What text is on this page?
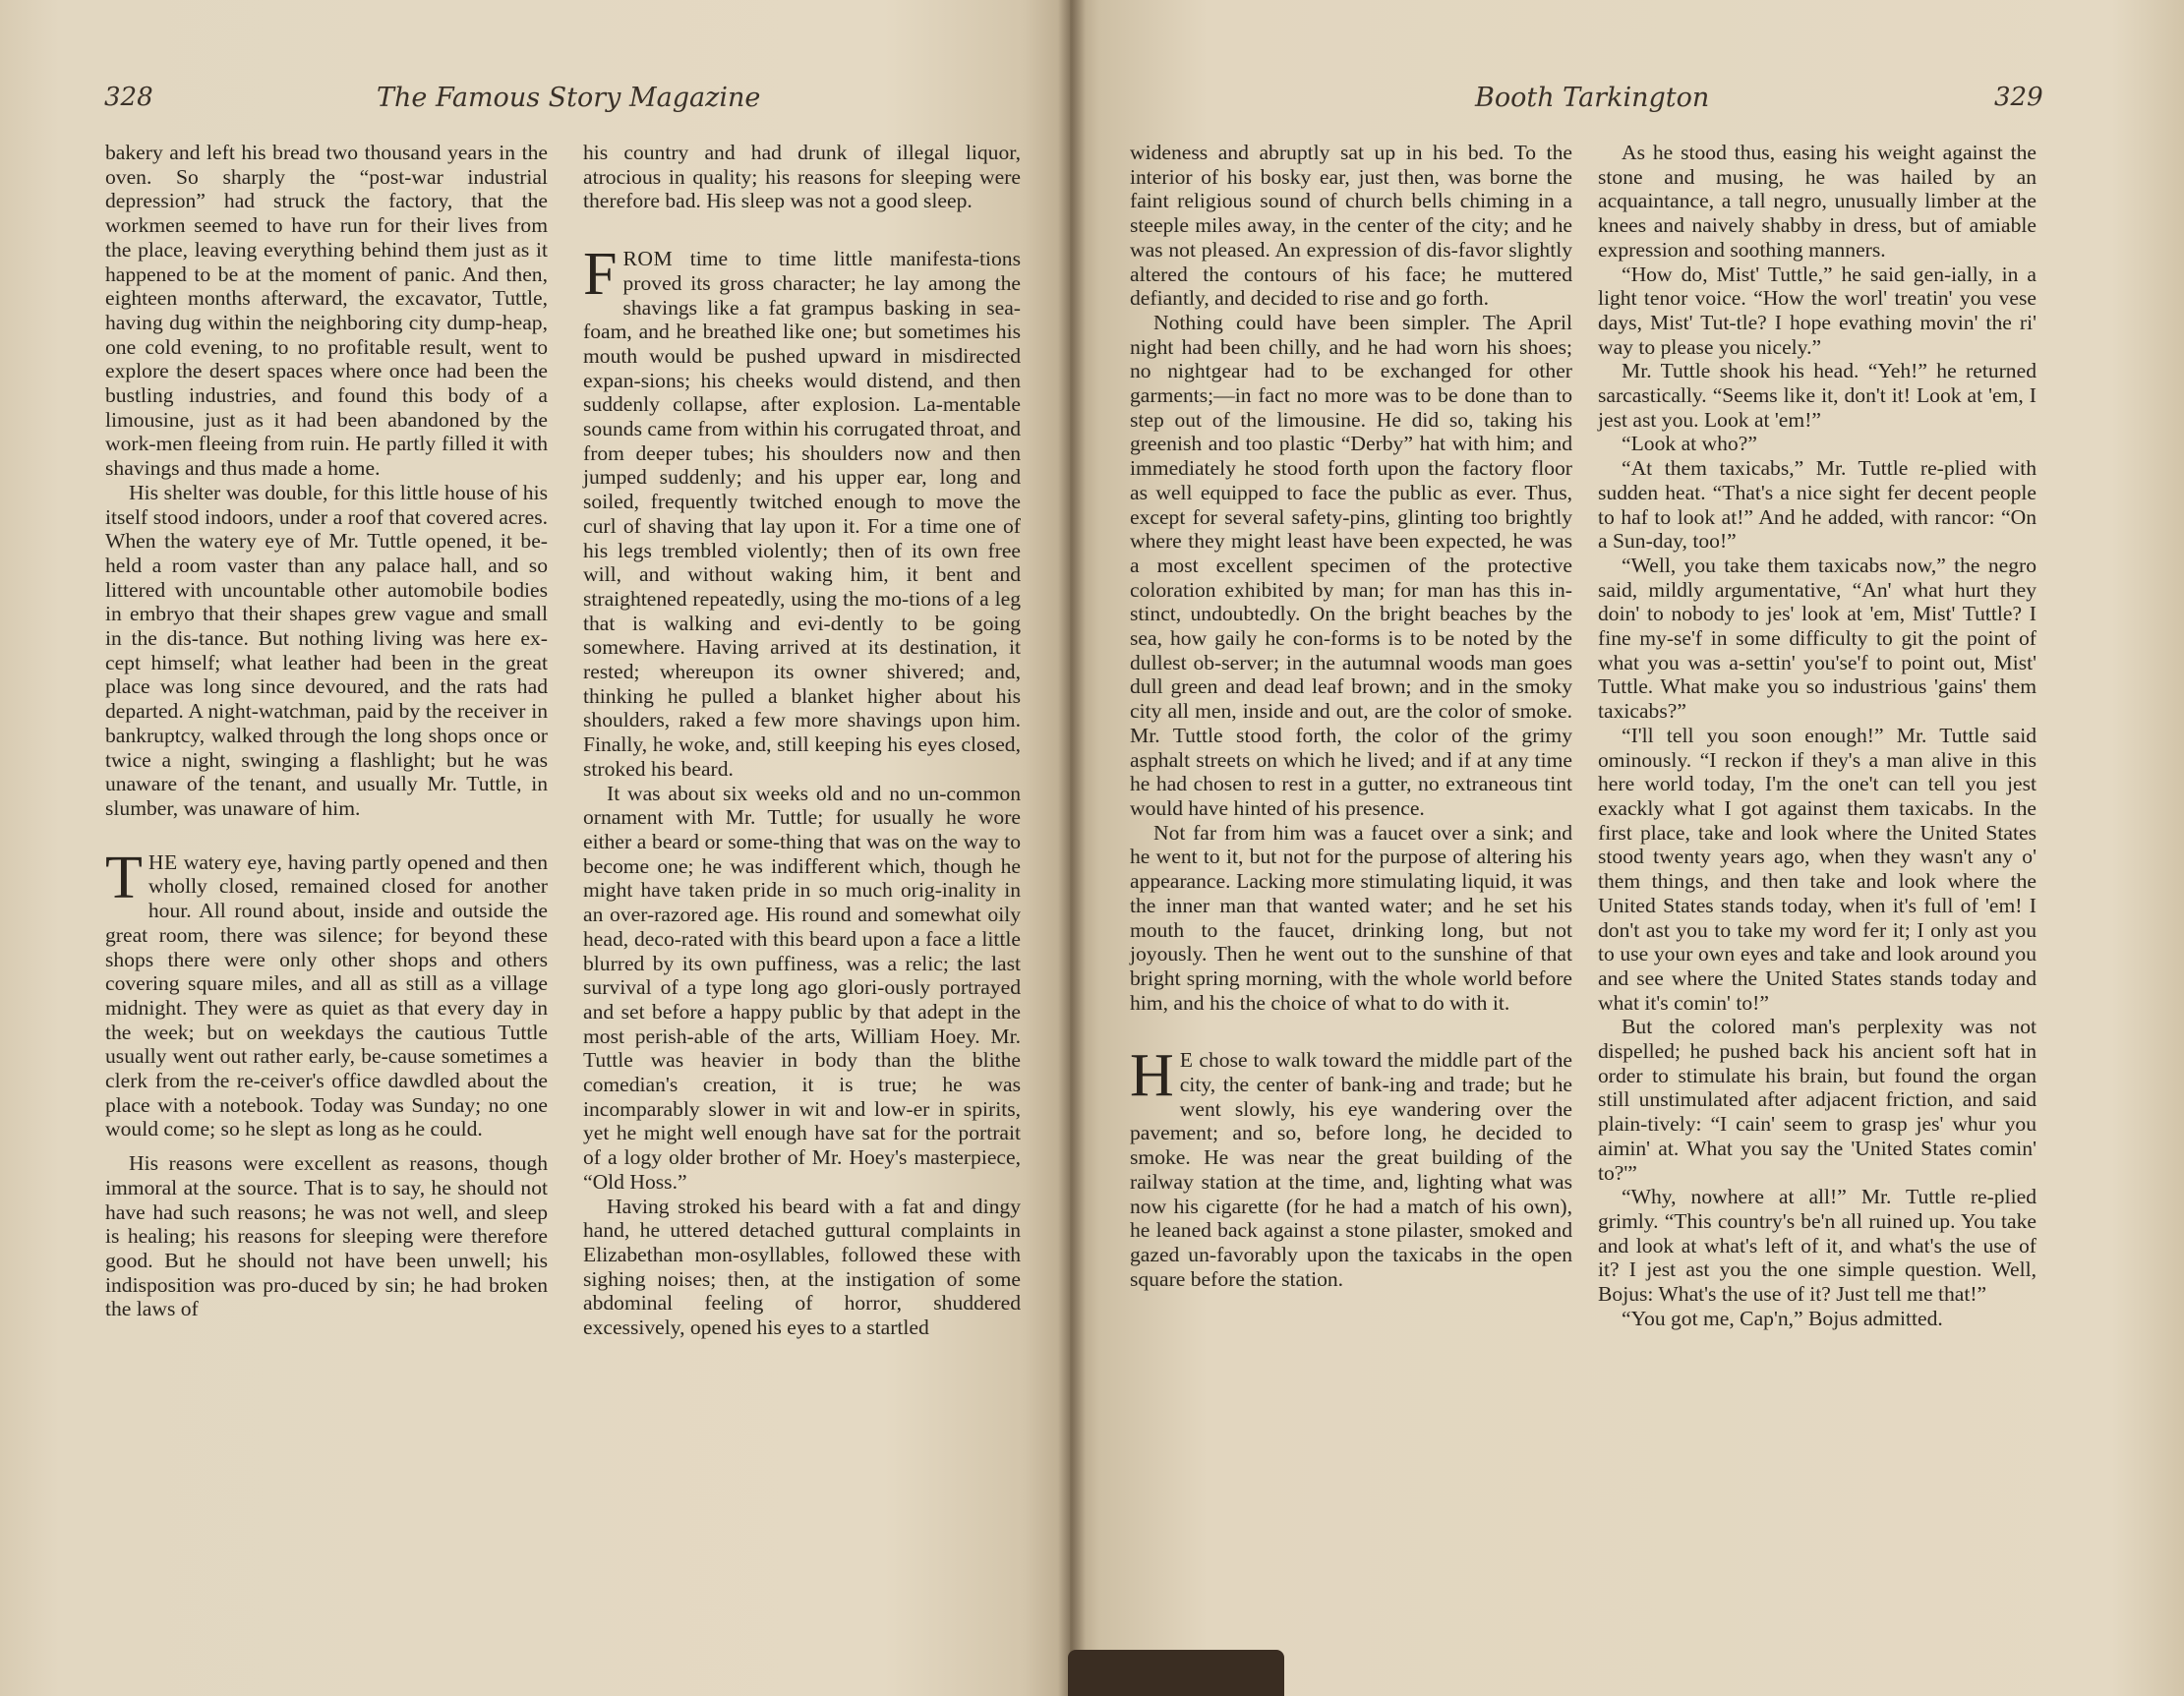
328	The Famous Story Magazine

bakery and left his bread two thousand years in the oven. So sharply the “post-war industrial depression” had struck the factory, that the workmen seemed to have run for their lives from the place, leaving everything behind them just as it happened to be at the moment of panic. And then, eighteen months afterward, the excavator, Tuttle, having dug within the neighboring city dump-heap, one cold evening, to no profitable result, went to explore the desert spaces where once had been the bustling industries, and found this body of a limousine, just as it had been abandoned by the work-men fleeing from ruin. He partly filled it with shavings and thus made a home.

His shelter was double, for this little house of his itself stood indoors, under a roof that covered acres. When the watery eye of Mr. Tuttle opened, it be-held a room vaster than any palace hall, and so littered with uncountable other automobile bodies in embryo that their shapes grew vague and small in the dis-tance. But nothing living was here ex-cept himself; what leather had been in the great place was long since devoured, and the rats had departed. A night-watchman, paid by the receiver in bankruptcy, walked through the long shops once or twice a night, swinging a flashlight; but he was unaware of the tenant, and usually Mr. Tuttle, in slumber, was unaware of him.

THE watery eye, having partly opened and then wholly closed, remained closed for another hour. All round about, inside and outside the great room, there was silence; for beyond these shops there were only other shops and others covering square miles, and all as still as a village midnight. They were as quiet as that every day in the week; but on weekdays the cautious Tuttle usually went out rather early, be-cause sometimes a clerk from the re-ceiver's office dawdled about the place with a notebook. Today was Sunday; no one would come; so he slept as long as he could.

His reasons were excellent as reasons, though immoral at the source. That is to say, he should not have had such reasons; he was not well, and sleep is healing; his reasons for sleeping were therefore good. But he should not have been unwell; his indisposition was pro-duced by sin; he had broken the laws of

his country and had drunk of illegal liquor, atrocious in quality; his reasons for sleeping were therefore bad. His sleep was not a good sleep.

FROM time to time little manifesta-tions proved its gross character; he lay among the shavings like a fat grampus basking in sea-foam, and he breathed like one; but sometimes his mouth would be pushed upward in misdirected expan-sions; his cheeks would distend, and then suddenly collapse, after explosion. La-mentable sounds came from within his corrugated throat, and from deeper tubes; his shoulders now and then jumped suddenly; and his upper ear, long and soiled, frequently twitched enough to move the curl of shaving that lay upon it. For a time one of his legs trembled violently; then of its own free will, and without waking him, it bent and straightened repeatedly, using the mo-tions of a leg that is walking and evi-dently to be going somewhere. Having arrived at its destination, it rested; whereupon its owner shivered; and, thinking he pulled a blanket higher about his shoulders, raked a few more shavings upon him. Finally, he woke, and, still keeping his eyes closed, stroked his beard.

It was about six weeks old and no un-common ornament with Mr. Tuttle; for usually he wore either a beard or some-thing that was on the way to become one; he was indifferent which, though he might have taken pride in so much orig-inality in an over-razored age. His round and somewhat oily head, deco-rated with this beard upon a face a little blurred by its own puffiness, was a relic; the last survival of a type long ago glori-ously portrayed and set before a happy public by that adept in the most perish-able of the arts, William Hoey. Mr. Tuttle was heavier in body than the blithe comedian's creation, it is true; he was incomparably slower in wit and low-er in spirits, yet he might well enough have sat for the portrait of a logy older brother of Mr. Hoey's masterpiece, “Old Hoss.”

Having stroked his beard with a fat and dingy hand, he uttered detached guttural complaints in Elizabethan mon-osyllables, followed these with sighing noises; then, at the instigation of some abdominal feeling of horror, shuddered excessively, opened his eyes to a startled

Booth Tarkington	329

wideness and abruptly sat up in his bed. To the interior of his bosky ear, just then, was borne the faint religious sound of church bells chiming in a steeple miles away, in the center of the city; and he was not pleased. An expression of dis-favor slightly altered the contours of his face; he muttered defiantly, and decided to rise and go forth.

Nothing could have been simpler. The April night had been chilly, and he had worn his shoes; no nightgear had to be exchanged for other garments;—in fact no more was to be done than to step out of the limousine. He did so, taking his greenish and too plastic “Derby” hat with him; and immediately he stood forth upon the factory floor as well equipped to face the public as ever. Thus, except for several safety-pins, glinting too brightly where they might least have been expected, he was a most excellent specimen of the protective coloration exhibited by man; for man has this in-stinct, undoubtedly. On the bright beaches by the sea, how gaily he con-forms is to be noted by the dullest ob-server; in the autumnal woods man goes dull green and dead leaf brown; and in the smoky city all men, inside and out, are the color of smoke. Mr. Tuttle stood forth, the color of the grimy asphalt streets on which he lived; and if at any time he had chosen to rest in a gutter, no extraneous tint would have hinted of his presence.

Not far from him was a faucet over a sink; and he went to it, but not for the purpose of altering his appearance. Lacking more stimulating liquid, it was the inner man that wanted water; and he set his mouth to the faucet, drinking long, but not joyously. Then he went out to the sunshine of that bright spring morning, with the whole world before him, and his the choice of what to do with it.

H E chose to walk toward the middle part of the city, the center of bank-ing and trade; but he went slowly, his eye wandering over the pavement; and so, before long, he decided to smoke. He was near the great building of the railway station at the time, and, lighting what was now his cigarette (for he had a match of his own), he leaned back against a stone pilaster, smoked and gazed un-favorably upon the taxicabs in the open square before the station.

As he stood thus, easing his weight against the stone and musing, he was hailed by an acquaintance, a tall negro, unusually limber at the knees and naively shabby in dress, but of amiable expression and soothing manners.

“How do, Mist' Tuttle,” he said gen-ially, in a light tenor voice. “How the worl' treatin' you vese days, Mist' Tut-tle? I hope evathing movin' the ri' way to please you nicely.”

Mr. Tuttle shook his head. “Yeh!” he returned sarcastically. “Seems like it, don't it! Look at 'em, I jest ast you. Look at 'em!”

“Look at who?”

“At them taxicabs,” Mr. Tuttle re-plied with sudden heat. “That's a nice sight fer decent people to haf to look at!” And he added, with rancor: “On a Sun-day, too!”

“Well, you take them taxicabs now,” the negro said, mildly argumentative, “An' what hurt they doin' to nobody to jes' look at 'em, Mist' Tuttle? I fine my-se'f in some difficulty to git the point of what you was a-settin' you'se'f to point out, Mist' Tuttle. What make you so industrious 'gains' them taxicabs?”

“I'll tell you soon enough!” Mr. Tuttle said ominously. “I reckon if they's a man alive in this here world today, I'm the one't can tell you jest exackly what I got against them taxicabs. In the first place, take and look where the United States stood twenty years ago, when they wasn't any o' them things, and then take and look where the United States stands today, when it's full of 'em! I don't ast you to take my word fer it; I only ast you to use your own eyes and take and look around you and see where the United States stands today and what it's comin' to!”

But the colored man's perplexity was not dispelled; he pushed back his ancient soft hat in order to stimulate his brain, but found the organ still unstimulated after adjacent friction, and said plain-tively: “I cain' seem to grasp jes' whur you aimin' at. What you say the 'United States comin' to?'”

“Why, nowhere at all!” Mr. Tuttle re-plied grimly. “This country's be'n all ruined up. You take and look at what's left of it, and what's the use of it? I jest ast you the one simple question. Well, Bojus: What's the use of it? Just tell me that!”

“You got me, Cap'n,” Bojus admitted.
